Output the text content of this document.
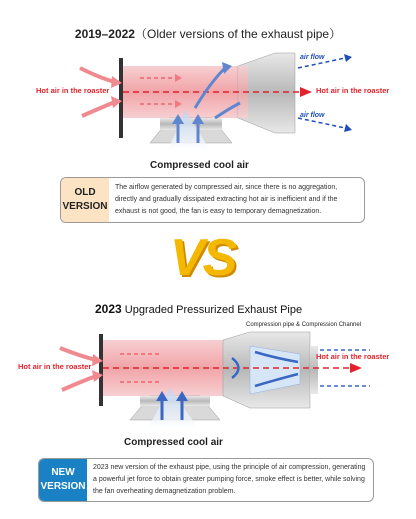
2019–2022（Older versions of the exhaust pipe）
Hot air in the roaster	Hot air in the roaster
air flow
air flow
Compressed cool air
OLD VERSION
The airflow generated by compressed air, since there is no aggregation, directly and gradually dissipated extracting hot air is inefficient and if the exhaust is not good, the fan is easy to temporary demagnetization.
VS
2023 Upgraded Pressurized Exhaust Pipe
Compression pipe & Compression Channel
Hot air in the roaster
Hot air in the roaster
Compressed cool air
NEW VERSION
2023 new version of the exhaust pipe, using the principle of air compression, generating a powerful jet force to obtain greater pumping force, smoke effect is better, while solving the fan overheating demagnetization problem.
